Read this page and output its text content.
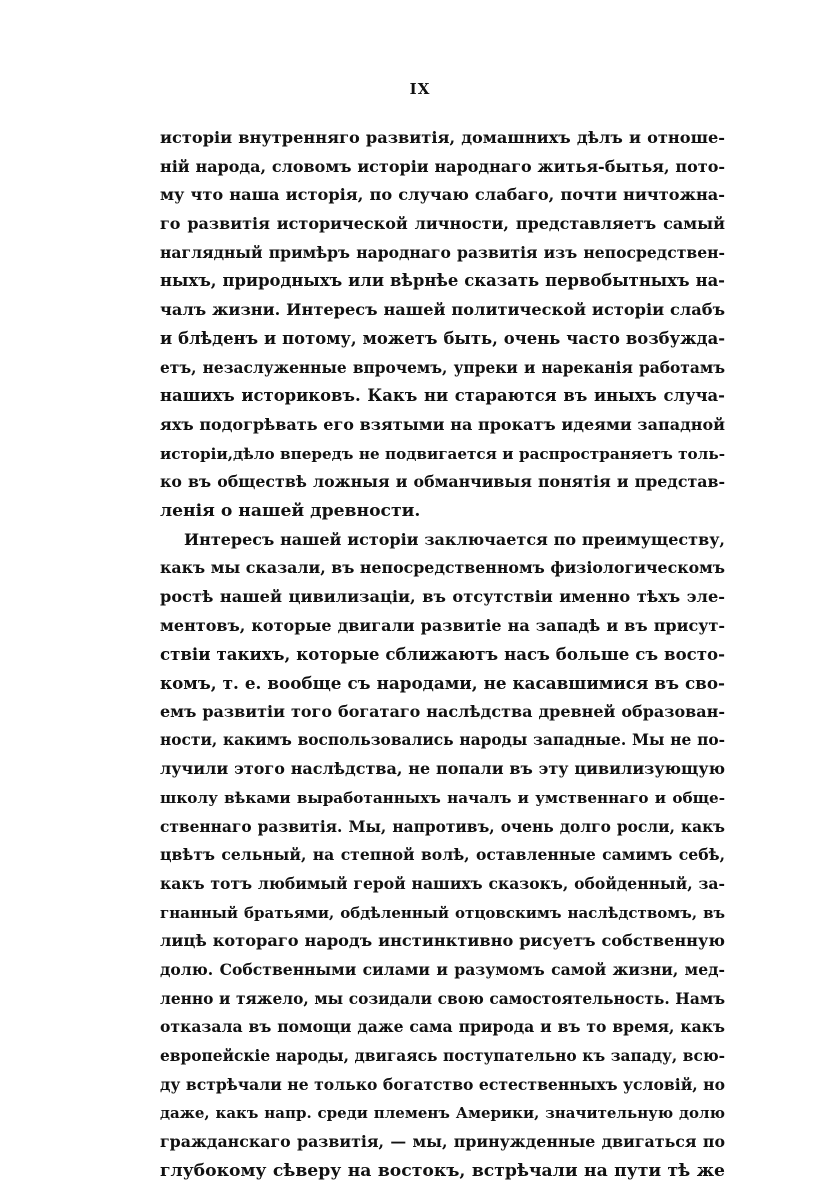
IX
исторіи внутренняго развитія, домашнихъ дѣлъ и отноше-
ній народа, словомъ исторіи народнаго житья-бытья, пото-
му что наша исторія, по случаю слабаго, почти ничтожна-
го развитія исторической личности, представляетъ самый
наглядный примѣръ народнаго развитія изъ непосредствен-
ныхъ, природныхъ или вѣрнѣе сказать первобытныхъ на-
чалъ жизни. Интересъ нашей политической исторіи слабъ
и блѣденъ и потому, можетъ быть, очень часто возбужда-
етъ, незаслуженные впрочемъ, упреки и нареканія работамъ
нашихъ историковъ. Какъ ни стараются въ иныхъ случа-
яхъ подогрѣвать его взятыми на прокатъ идеями западной
исторіи,дѣло впередъ не подвигается и распространяетъ толь-
ко въ обществѣ ложныя и обманчивыя понятія и представ-
ленія о нашей древности.
Интересъ нашей исторіи заключается по преимуществу,
какъ мы сказали, въ непосредственномъ физіологическомъ
ростѣ нашей цивилизаціи, въ отсутствіи именно тѣхъ эле-
ментовъ, которые двигали развитіе на западѣ и въ присут-
ствіи такихъ, которые сближаютъ насъ больше съ восто-
комъ, т. е. вообще съ народами, не касавшимися въ сво-
емъ развитіи того богатаго наслѣдства древней образован-
ности, какимъ воспользовались народы западные. Мы не по-
лучили этого наслѣдства, не попали въ эту цивилизующую
школу вѣками выработанныхъ началъ и умственнаго и обще-
ственнаго развитія. Мы, напротивъ, очень долго росли, какъ
цвѣтъ сельный, на степной волѣ, оставленные самимъ себѣ,
какъ тотъ любимый герой нашихъ сказокъ, обойденный, за-
гнанный братьями, обдѣленный отцовскимъ наслѣдствомъ, въ
лицѣ котораго народъ инстинктивно рисуетъ собственную
долю. Собственными силами и разумомъ самой жизни, мед-
ленно и тяжело, мы созидали свою самостоятельность. Намъ
отказала въ помощи даже сама природа и въ то время, какъ
европейскіе народы, двигаясь поступательно къ западу, всю-
ду встрѣчали не только богатство естественныхъ условій, но
даже, какъ напр. среди племенъ Америки, значительную долю
гражданскаго развитія, — мы, принужденные двигаться по
глубокому сѣверу на востокъ, встрѣчали на пути тѣ же
